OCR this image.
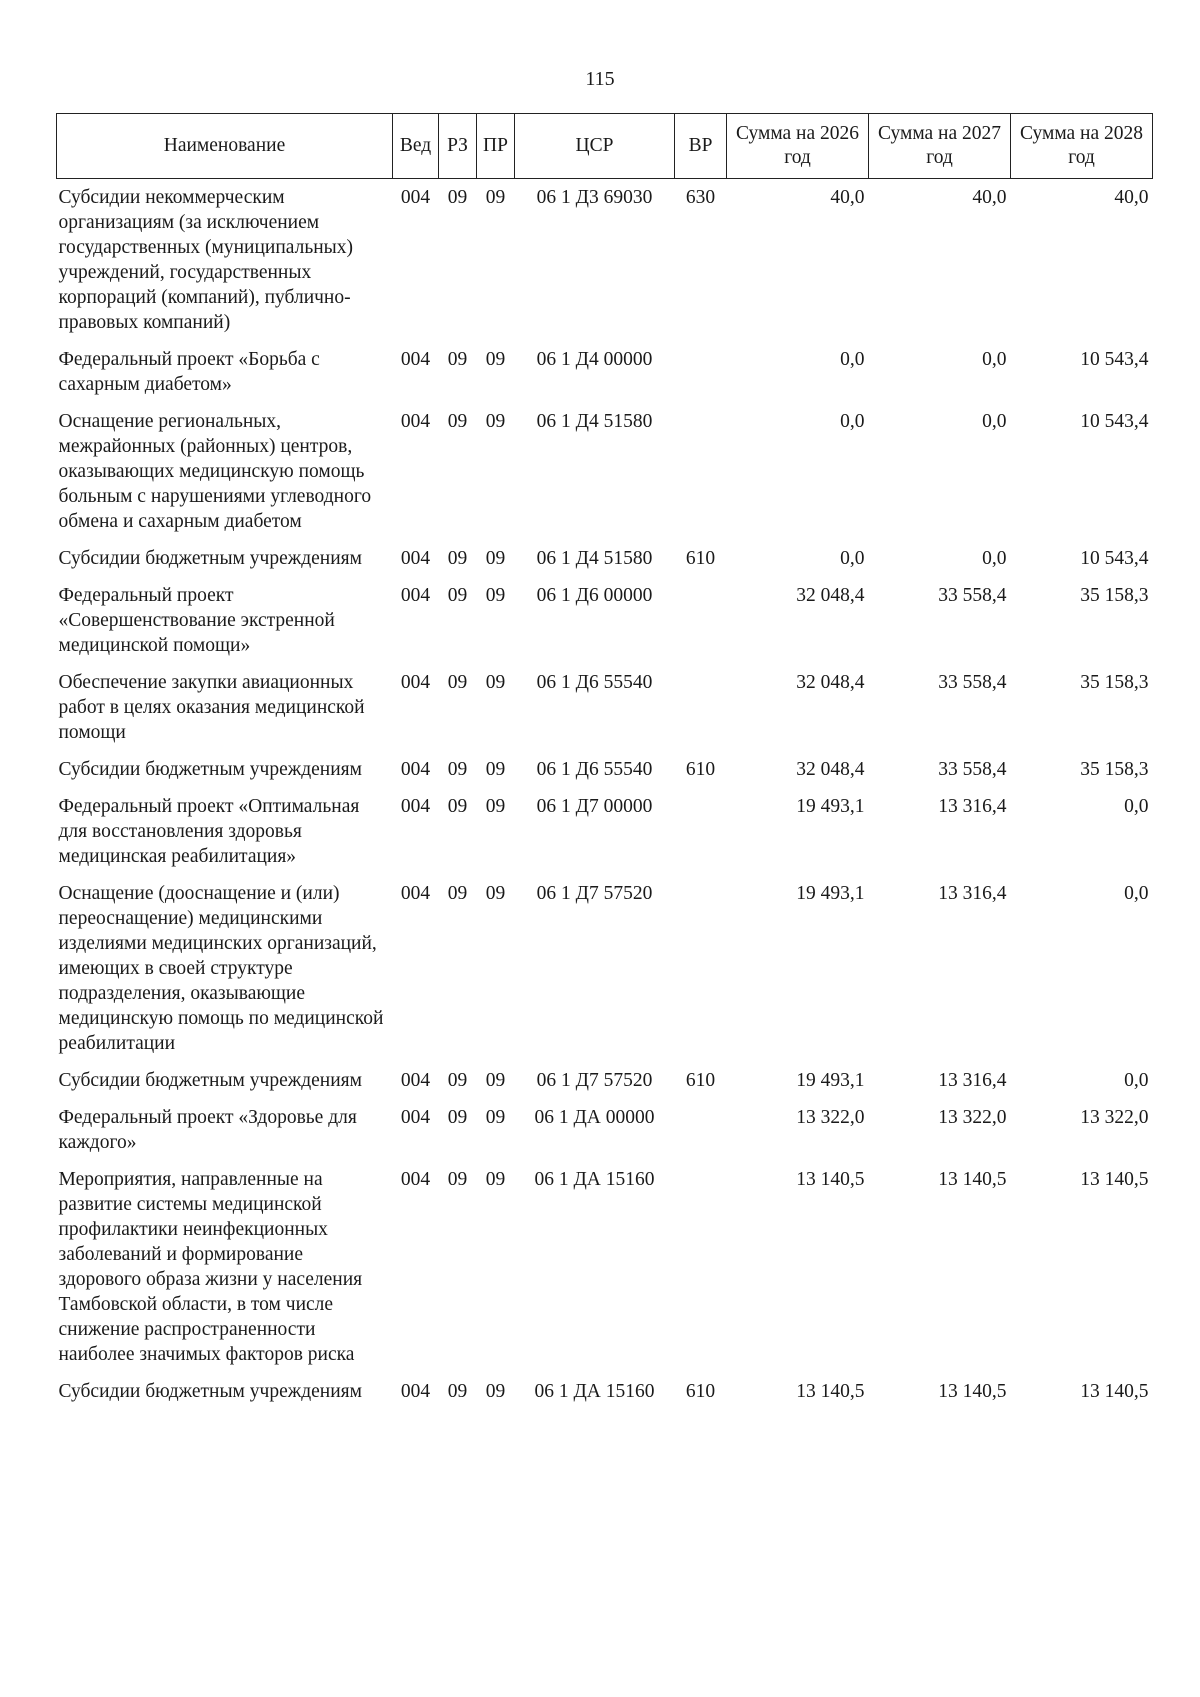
115
Наименование	Вед	РЗ	ПР	ЦСР	ВР	Сумма на 2026 год	Сумма на 2027 год	Сумма на 2028 год
Субсидии некоммерческим организациям (за исключением государственных (муниципальных) учреждений, государственных корпораций (компаний), публично-правовых компаний)	004	09	09	06 1 Д3 69030	630	40,0	40,0	40,0
Федеральный проект «Борьба с сахарным диабетом»	004	09	09	06 1 Д4 00000		0,0	0,0	10 543,4
Оснащение региональных, межрайонных (районных) центров, оказывающих медицинскую помощь больным с нарушениями углеводного обмена и сахарным диабетом	004	09	09	06 1 Д4 51580		0,0	0,0	10 543,4
Субсидии бюджетным учреждениям	004	09	09	06 1 Д4 51580	610	0,0	0,0	10 543,4
Федеральный проект «Совершенствование экстренной медицинской помощи»	004	09	09	06 1 Д6 00000		32 048,4	33 558,4	35 158,3
Обеспечение закупки авиационных работ в целях оказания медицинской помощи	004	09	09	06 1 Д6 55540		32 048,4	33 558,4	35 158,3
Субсидии бюджетным учреждениям	004	09	09	06 1 Д6 55540	610	32 048,4	33 558,4	35 158,3
Федеральный проект «Оптимальная для восстановления здоровья медицинская реабилитация»	004	09	09	06 1 Д7 00000		19 493,1	13 316,4	0,0
Оснащение (дооснащение и (или) переоснащение) медицинскими изделиями медицинских организаций, имеющих в своей структуре подразделения, оказывающие медицинскую помощь по медицинской реабилитации	004	09	09	06 1 Д7 57520		19 493,1	13 316,4	0,0
Субсидии бюджетным учреждениям	004	09	09	06 1 Д7 57520	610	19 493,1	13 316,4	0,0
Федеральный проект «Здоровье для каждого»	004	09	09	06 1 ДА 00000		13 322,0	13 322,0	13 322,0
Мероприятия, направленные на развитие системы медицинской профилактики неинфекционных заболеваний и формирование здорового образа жизни у населения Тамбовской области, в том числе снижение распространенности наиболее значимых факторов риска	004	09	09	06 1 ДА 15160		13 140,5	13 140,5	13 140,5
Субсидии бюджетным учреждениям	004	09	09	06 1 ДА 15160	610	13 140,5	13 140,5	13 140,5
